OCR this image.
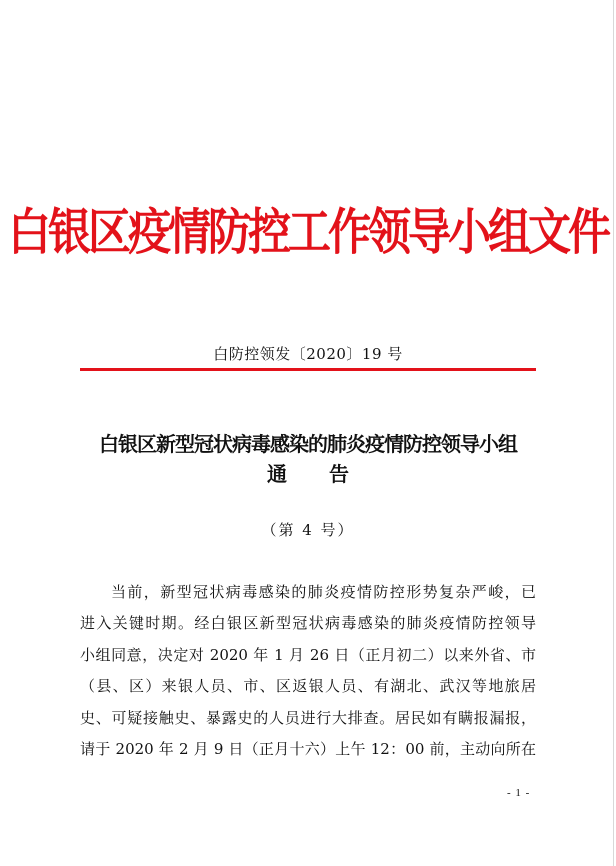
白银区疫情防控工作领导小组文件
白防控领发〔2020〕19 号
白银区新型冠状病毒感染的肺炎疫情防控领导小组
通告
（第 4 号）
当前，新型冠状病毒感染的肺炎疫情防控形势复杂严峻，已
进入关键时期。经白银区新型冠状病毒感染的肺炎疫情防控领导
小组同意，决定对 2020 年 1 月 26 日（正月初二）以来外省、市
（县、区）来银人员、市、区返银人员、有湖北、武汉等地旅居
史、可疑接触史、暴露史的人员进行大排查。居民如有瞒报漏报，
请于 2020 年 2 月 9 日（正月十六）上午 12：00 前，主动向所在
- 1 -
